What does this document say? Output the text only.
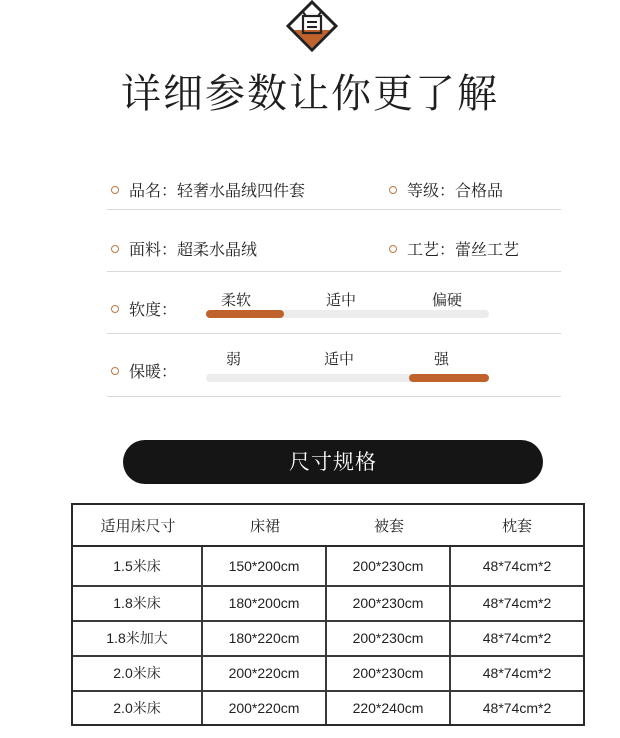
详细参数让你更了解
品名 ：	轻奢水晶绒四件套	等级 ：	合格品
面料 ：	超柔水晶绒	工艺 ：	蕾丝工艺
软度：	柔软	适中	偏硬
保暖：
弱	适中	强
尺寸规格
适用床尺寸	床裙	被套	枕套
1.5米床	150*200cm	200*230cm	48*74cm*2
1.8米床	180*200cm	200*230cm	48*74cm*2
1.8米加大	180*220cm	200*230cm	48*74cm*2
2.0米床	200*220cm	200*230cm	48*74cm*2
2.0米床	200*220cm	220*240cm	48*74cm*2
